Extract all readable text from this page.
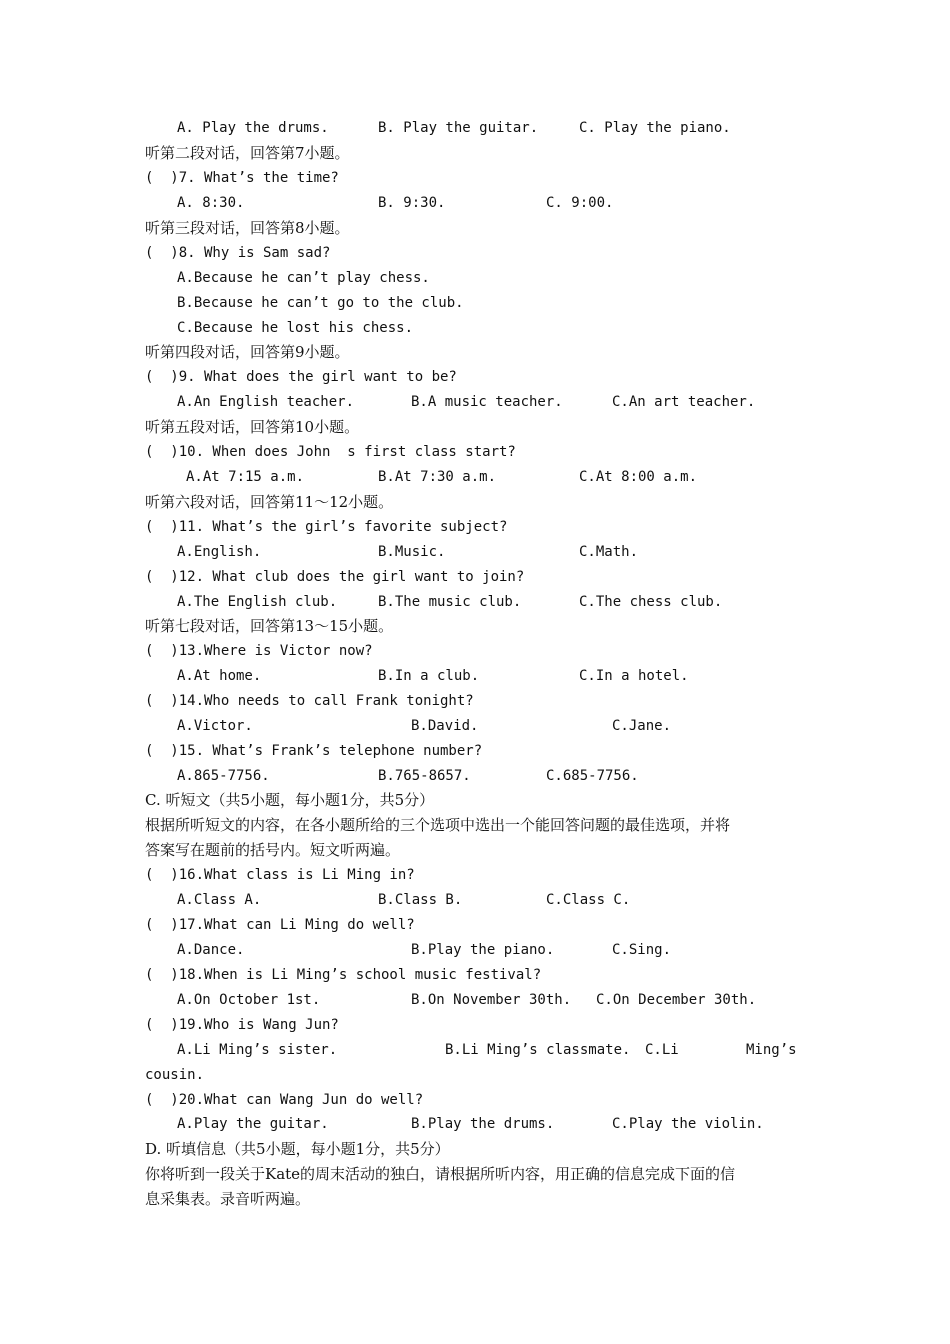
A. Play the drums.	B. Play the guitar.	C. Play the piano.
听第二段对话，回答第7小题。
(  )7. What’s the time?
A. 8:30.	B. 9:30.	C. 9:00.
听第三段对话，回答第8小题。
(  )8. Why is Sam sad?
A.Because he can’t play chess.
B.Because he can’t go to the club.
C.Because he lost his chess.
听第四段对话，回答第9小题。
(  )9. What does the girl want to be?
A.An English teacher.	B.A music teacher.	C.An art teacher.
听第五段对话，回答第10小题。
(  )10. When does John  s first class start?
A.At 7:15 a.m.	B.At 7:30 a.m.	C.At 8:00 a.m.
听第六段对话，回答第11～12小题。
(  )11. What’s the girl’s favorite subject?
A.English.	B.Music.	C.Math.
(  )12. What club does the girl want to join?
A.The English club.	B.The music club.	C.The chess club.
听第七段对话，回答第13～15小题。
(  )13.Where is Victor now?
A.At home.	B.In a club.	C.In a hotel.
(  )14.Who needs to call Frank tonight?
A.Victor.	B.David.	C.Jane.
(  )15. What’s Frank’s telephone number?
A.865-7756.	B.765-8657.	C.685-7756.
C. 听短文（共5小题，每小题1分，共5分）
根据所听短文的内容，在各小题所给的三个选项中选出一个能回答问题的最佳选项，并将
答案写在题前的括号内。短文听两遍。
(  )16.What class is Li Ming in?
A.Class A.	B.Class B.	C.Class C.
(  )17.What can Li Ming do well?
A.Dance.	B.Play the piano.	C.Sing.
(  )18.When is Li Ming’s school music festival?
A.On October 1st.	B.On November 30th. C.On December 30th.
(  )19.Who is Wang Jun?
A.Li Ming’s sister.	B.Li Ming’s classmate. C.Li	Ming’s
cousin.
(  )20.What can Wang Jun do well?
A.Play the guitar.	B.Play the drums.	C.Play the violin.
D. 听填信息（共5小题，每小题1分，共5分）
你将听到一段关于Kate的周末活动的独白，请根据所听内容，用正确的信息完成下面的信
息采集表。录音听两遍。
